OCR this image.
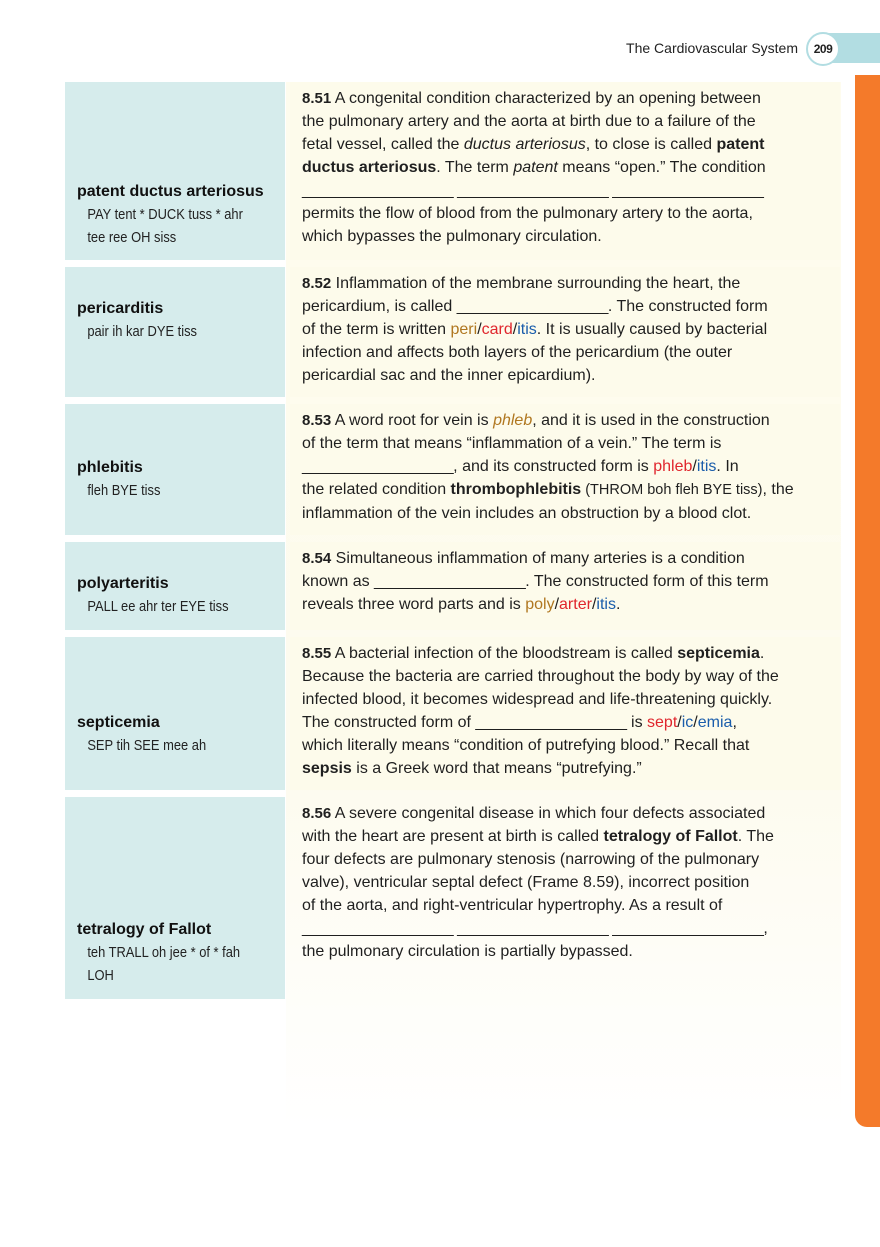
The Cardiovascular System	209
patent ductus arteriosus
PAY tent * DUCK tuss * ahr
tee ree OH siss
8.51 A congenital condition characterized by an opening between
the pulmonary artery and the aorta at birth due to a failure of the
fetal vessel, called the ductus arteriosus, to close is called patent
ductus arteriosus. The term patent means “open.” The condition
__________________ __________________ __________________
permits the flow of blood from the pulmonary artery to the aorta,
which bypasses the pulmonary circulation.
pericarditis
pair ih kar DYE tiss
8.52 Inflammation of the membrane surrounding the heart, the
pericardium, is called __________________. The constructed form
of the term is written peri/card/itis. It is usually caused by bacterial
infection and affects both layers of the pericardium (the outer
pericardial sac and the inner epicardium).
phlebitis
fleh BYE tiss
8.53 A word root for vein is phleb, and it is used in the construction
of the term that means “inflammation of a vein.” The term is
__________________, and its constructed form is phleb/itis. In
the related condition thrombophlebitis (THROM boh fleh BYE tiss), the
inflammation of the vein includes an obstruction by a blood clot.
polyarteritis
PALL ee ahr ter EYE tiss
8.54 Simultaneous inflammation of many arteries is a condition
known as __________________. The constructed form of this term
reveals three word parts and is poly/arter/itis.
septicemia
SEP tih SEE mee ah
8.55 A bacterial infection of the bloodstream is called septicemia.
Because the bacteria are carried throughout the body by way of the
infected blood, it becomes widespread and life-threatening quickly.
The constructed form of __________________ is sept/ic/emia,
which literally means “condition of putrefying blood.” Recall that
sepsis is a Greek word that means “putrefying.”
tetralogy of Fallot
teh TRALL oh jee * of * fah
LOH
8.56 A severe congenital disease in which four defects associated
with the heart are present at birth is called tetralogy of Fallot. The
four defects are pulmonary stenosis (narrowing of the pulmonary
valve), ventricular septal defect (Frame 8.59), incorrect position
of the aorta, and right-ventricular hypertrophy. As a result of
__________________ __________________ __________________,
the pulmonary circulation is partially bypassed.
